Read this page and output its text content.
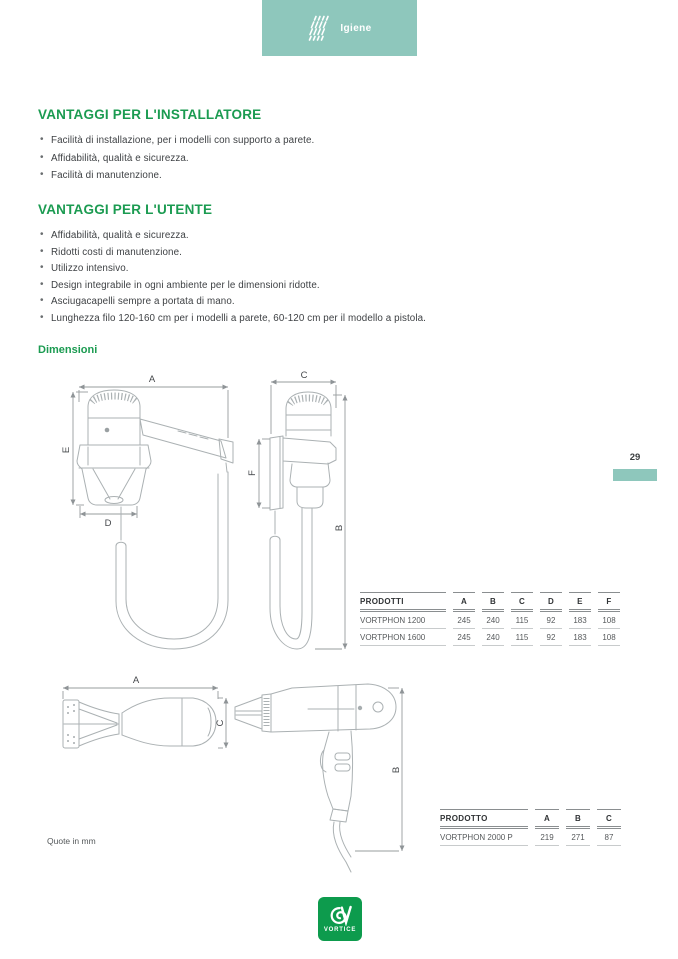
Igiene
VANTAGGI PER L'INSTALLATORE
• Facilità di installazione, per i modelli con supporto a parete.
• Affidabilità, qualità e sicurezza.
• Facilità di manutenzione.
VANTAGGI PER L'UTENTE
• Affidabilità, qualità e sicurezza.
• Ridotti costi di manutenzione.
• Utilizzo intensivo.
• Design integrabile in ogni ambiente per le dimensioni ridotte.
• Asciugacapelli sempre a portata di mano.
• Lunghezza filo 120-160 cm per i modelli a parete, 60-120 cm per il modello a pistola.
Dimensioni
A
E
D
C
F
B
A
C
B
PRODOTTI	A	B	C	D	E	F
VORTPHON 1200	245	240	115	92	183	108
VORTPHON 1600	245	240	115	92	183	108
PRODOTTO	A	B	C
VORTPHON 2000 P	219	271	87
29
Quote in mm
VORTICE
